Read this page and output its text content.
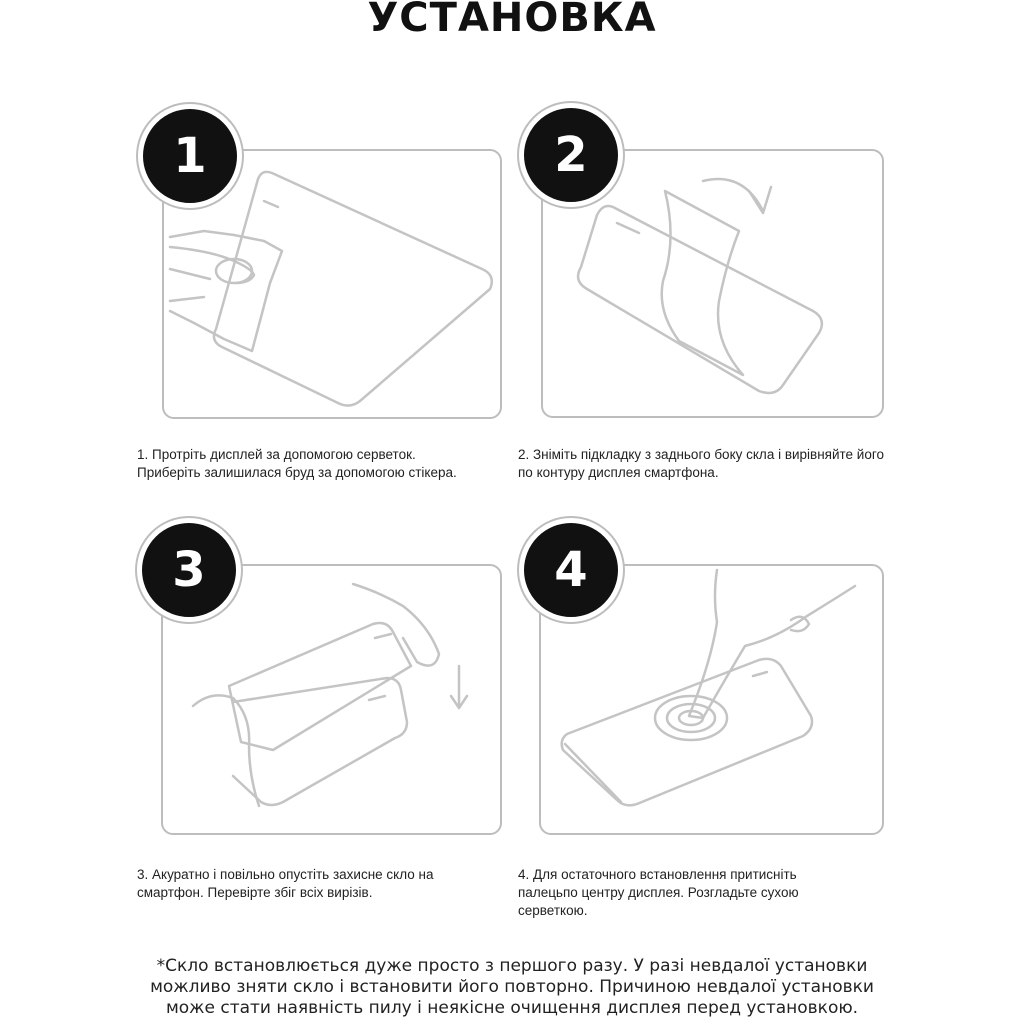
УСТАНОВКА
1
1. Протріть дисплей за допомогою серветок. Приберіть залишилася бруд за допомогою стікера.
2
2. Зніміть підкладку з заднього боку скла і вирівняйте його по контуру дисплея смартфона.
3
3. Акуратно і повільно опустіть захисне скло на смартфон. Перевірте збіг всіх вирізів.
4
4. Для остаточного встановлення притисніть палецьпо центру дисплея. Розгладьте сухою серветкою.
*Скло встановлюється дуже просто з першого разу. У разі невдалої установки
можливо зняти скло і встановити його повторно. Причиною невдалої установки
може стати наявність пилу і неякісне очищення дисплея перед установкою.
